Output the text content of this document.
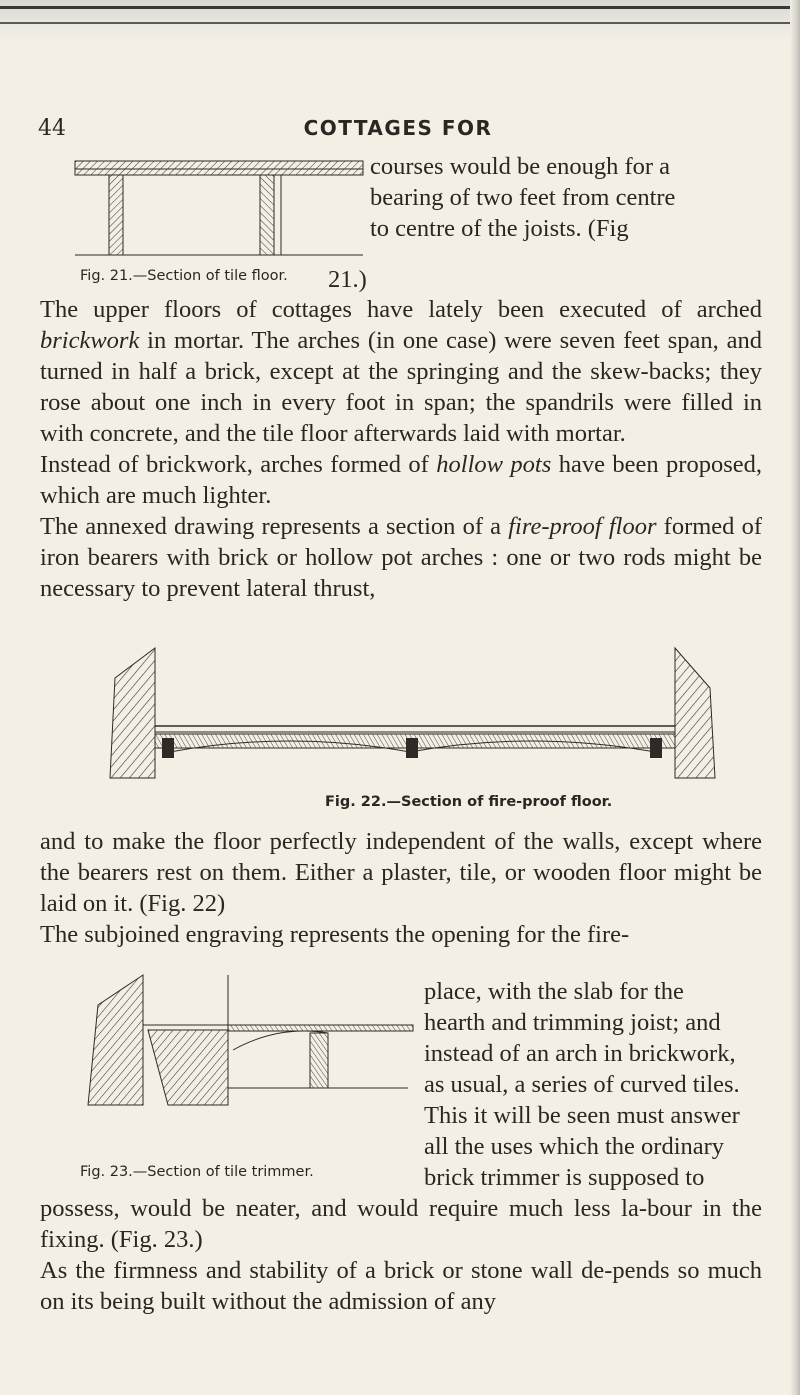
44	COTTAGES FOR

courses would be enough for a

bearing of two feet from centre

to centre of the joists. (Fig

Fig. 21.—Section of tile floor. 21.)

The upper floors of cottages have lately been executed of arched brickwork in mortar. The arches (in one case) were seven feet span, and turned in half a brick, except at the springing and the skew-backs; they rose about one inch in every foot in span; the spandrils were filled in with concrete, and the tile floor afterwards laid with mortar.

Instead of brickwork, arches formed of hollow pots have been proposed, which are much lighter.

The annexed drawing represents a section of a fire-proof floor formed of iron bearers with brick or hollow pot arches : one or two rods might be necessary to prevent lateral thrust,

Fig. 22.—Section of fire-proof floor.

and to make the floor perfectly independent of the walls, except where the bearers rest on them. Either a plaster, tile, or wooden floor might be laid on it. (Fig. 22)

The subjoined engraving represents the opening for the fire-

place, with the slab for the

hearth and trimming joist; and

instead of an arch in brickwork,

as usual, a series of curved tiles.

This it will be seen must answer

all the uses which the ordinary

Fig. 23.—Section of tile trimmer.	brick trimmer is supposed to

possess, would be neater, and would require much less la-bour in the fixing. (Fig. 23.)

As the firmness and stability of a brick or stone wall de-pends so much on its being built without the admission of any
